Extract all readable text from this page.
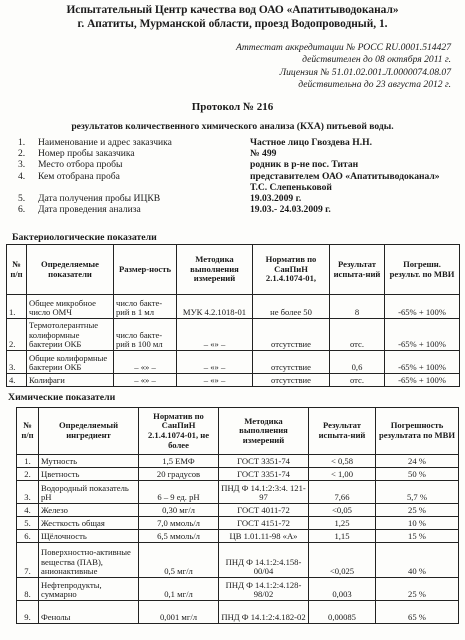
Испытательный Центр качества вод ОАО «Апатитыводоканал»
г. Апатиты, Мурманской области, проезд Водопроводный, 1.
Аттестат аккредитации № РОСС RU.0001.514427
действителен до 08 октября 2011 г.
Лицензия № 51.01.02.001.Л.0000074.08.07
действительна до 23 августа 2012 г.
Протокол № 216
результатов количественного химического анализа (КХА) питьевой воды.
1.	Наименование и адрес заказчика	Частное лицо Гвоздева Н.Н.
2.	Номер пробы заказчика	№ 499
3.	Место отбора пробы	родник в р-не пос. Титан
4.	Кем отобрана проба	представителем ОАО «Апатитыводоканал»
Т.С. Слепеньковой

5.	Дата получения пробы ИЦКВ	19.03.2009 г.
6.	Дата проведения анализа	19.03.- 24.03.2009 г.
Бактериологические показатели
№ п/п	Определяемые показатели	Размер-ность	Методика выполнения измерений	Норматив по СанПиН 2.1.4.1074-01,	Результат испыта-ний	Погрешн. результ. по МВИ
1.	Общее микробное число ОМЧ	число бакте-рий в 1 мл	МУК 4.2.1018-01	не более 50	8	-65% + 100%
2.	Термотолерантные колиформные бактерии ОКБ	число бакте-рий в 100 мл	– «» –	отсутствие	отс.	-65% + 100%
3.	Общие колиформные бактерии ОКБ	– «» –	– «» –	отсутствие	0,6	-65% + 100%
4.	Колифаги	– «» –	– «» –	отсутствие	отс.	-65% + 100%
Химические показатели
№ п/п	Определяемый ингредиент	Норматив по СанПиН 2.1.4.1074-01, не более	Методика выполнения измерений	Результат испыта-ний	Погрешность результата по МВИ
1.	Мутность	1,5 ЕМФ	ГОСТ 3351-74	< 0,58	24 %
2.	Цветность	20 градусов	ГОСТ 3351-74	< 1,00	50 %
3.	Водородный показатель рН	6 – 9 ед. рН	ПНД Ф 14.1:2:3:4. 121-97	7,66	5,7 %
4.	Железо	0,30 мг/л	ГОСТ 4011-72	<0,05	25 %
5.	Жесткость общая	7,0 ммоль/л	ГОСТ 4151-72	1,25	10 %
6.	Щёлочность	6,5 ммоль/л	ЦВ 1.01.11-98 «А»	1,15	15 %
7.	Поверхностно-активные вещества (ПАВ), анионактивные	0,5 мг/л	ПНД Ф 14.1:2:4.158-00/04	<0,025	40 %
8.	Нефтепродукты, суммарно	0,1 мг/л	ПНД Ф 14.1:2:4.128-98/02	0,003	25 %
9.	Фенолы	0,001 мг/л	ПНД Ф 14.1:2:4.182-02	0,00085	65 %
